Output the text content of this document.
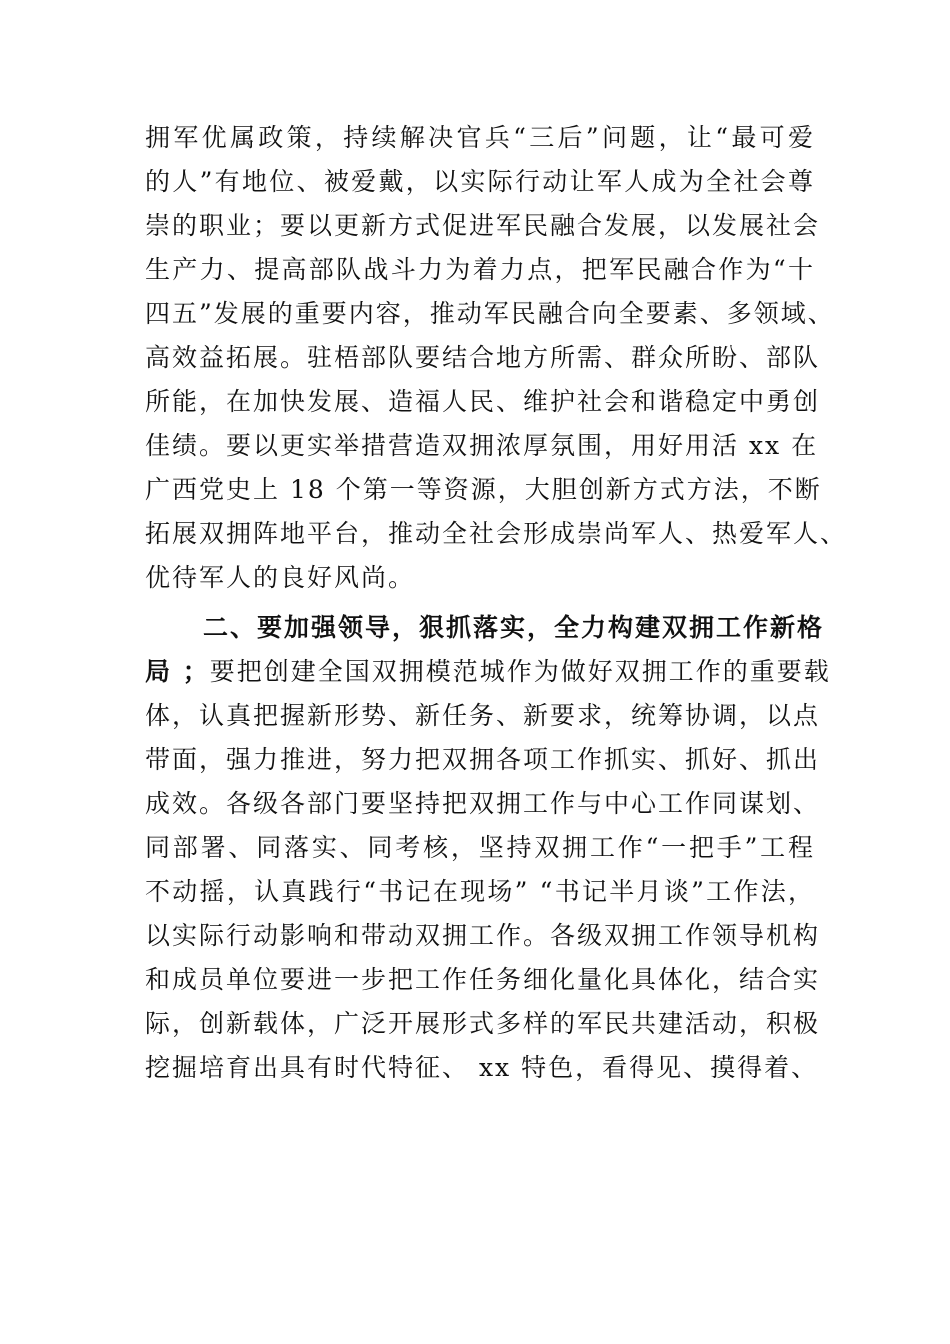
拥军优属政策，持续解决官兵“三后”问题，让“最可爱
的人”有地位、被爱戴，以实际行动让军人成为全社会尊
崇的职业；要以更新方式促进军民融合发展，以发展社会
生产力、提高部队战斗力为着力点，把军民融合作为“十
四五”发展的重要内容，推动军民融合向全要素、多领域、
高效益拓展。驻梧部队要结合地方所需、群众所盼、部队
所能，在加快发展、造福人民、维护社会和谐稳定中勇创
佳绩。要以更实举措营造双拥浓厚氛围，用好用活 xx 在
广西党史上 18 个第一等资源，大胆创新方式方法，不断
拓展双拥阵地平台，推动全社会形成崇尚军人、热爱军人、
优待军人的良好风尚。
二、要加强领导，狠抓落实，全力构建双拥工作新格
局 ；要把创建全国双拥模范城作为做好双拥工作的重要载
体，认真把握新形势、新任务、新要求，统筹协调，以点
带面，强力推进，努力把双拥各项工作抓实、抓好、抓出
成效。各级各部门要坚持把双拥工作与中心工作同谋划、
同部署、同落实、同考核，坚持双拥工作“一把手”工程
不动摇，认真践行“书记在现场” “书记半月谈”工作法，
以实际行动影响和带动双拥工作。各级双拥工作领导机构
和成员单位要进一步把工作任务细化量化具体化，结合实
际，创新载体，广泛开展形式多样的军民共建活动，积极
挖掘培育出具有时代特征、 xx 特色，看得见、摸得着、
